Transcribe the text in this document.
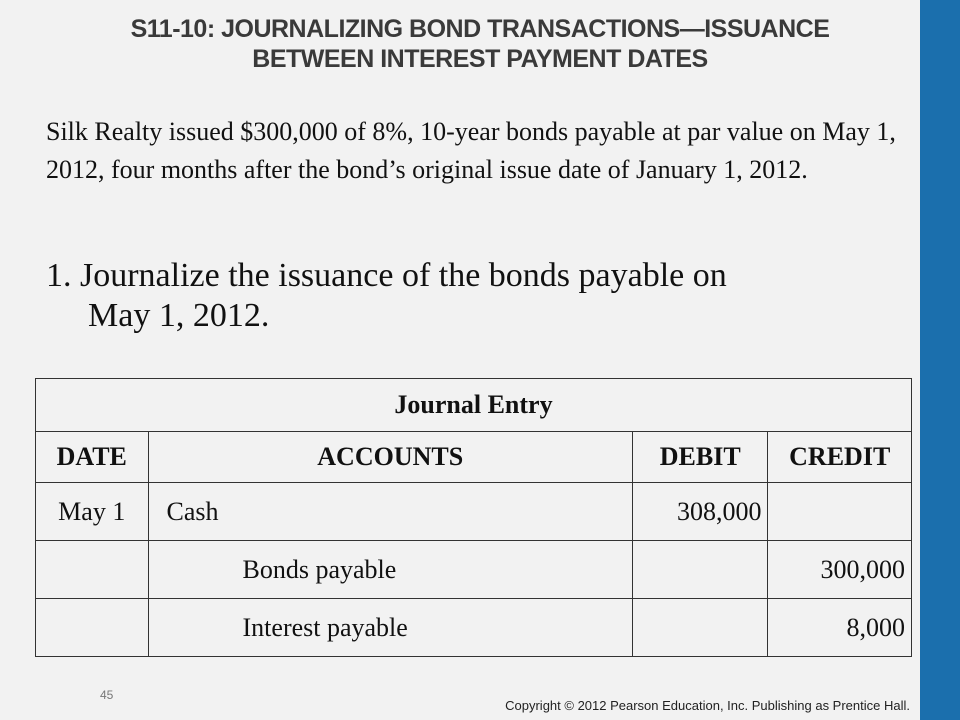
S11-10: JOURNALIZING BOND TRANSACTIONS—ISSUANCE
BETWEEN INTEREST PAYMENT DATES
Silk Realty issued $300,000 of 8%, 10-year bonds payable at par value on May 1, 2012, four months after the bond’s original issue date of January 1, 2012.
1. Journalize the issuance of the bonds payable on
May 1, 2012.
Journal Entry			
DATE	ACCOUNTS	DEBIT	CREDIT
May 1	Cash	308,000	
	Bonds payable		300,000
	Interest payable		8,000
45
Copyright © 2012 Pearson Education, Inc. Publishing as Prentice Hall.
